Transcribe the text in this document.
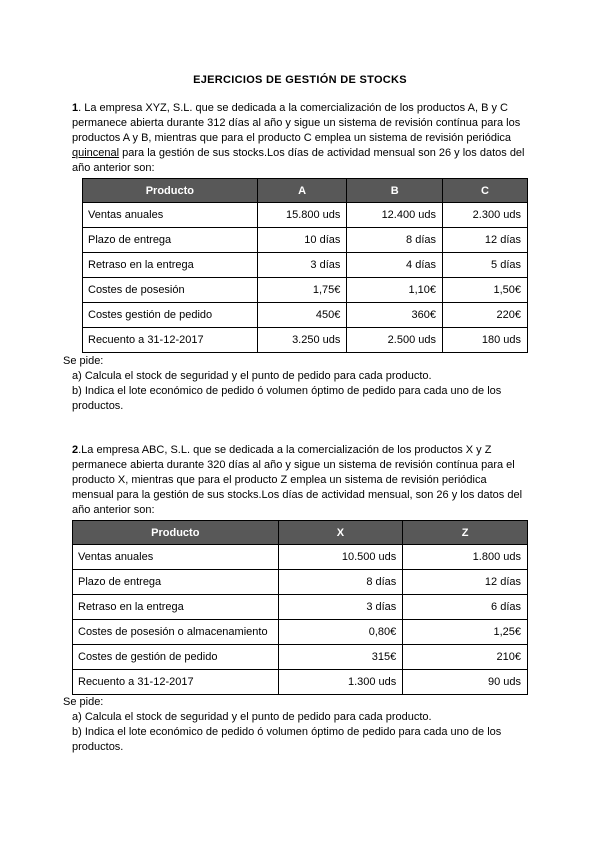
EJERCICIOS DE GESTIÓN DE STOCKS
1. La empresa XYZ, S.L. que se dedicada a la comercialización de los productos A, B y C permanece abierta durante 312 días al año y sigue un sistema de revisión contínua para los productos A y B, mientras que para el producto C emplea un sistema de revisión periódica quincenal para la gestión de sus stocks.Los días de actividad mensual son 26 y los datos del año anterior son:
Producto	A	B	C
Ventas anuales	15.800 uds	12.400 uds	2.300 uds
Plazo de entrega	10 días	8 días	12 días
Retraso en la entrega	3 días	4 días	5 días
Costes de posesión	1,75€	1,10€	1,50€
Costes gestión de pedido	450€	360€	220€
Recuento a 31-12-2017	3.250 uds	2.500 uds	180 uds
Se pide:
a) Calcula el stock de seguridad y el punto de pedido para cada producto.
b) Indica el lote económico de pedido ó volumen óptimo de pedido para cada uno de los productos.
2.La empresa ABC, S.L. que se dedicada a la comercialización de los productos X y Z permanece abierta durante 320 días al año y sigue un sistema de revisión contínua para el producto X, mientras que para el producto Z emplea un sistema de revisión periódica mensual para la gestión de sus stocks.Los días de actividad mensual, son 26 y los datos del año anterior son:
Producto	X	Z
Ventas anuales	10.500 uds	1.800 uds
Plazo de entrega	8 días	12 días
Retraso en la entrega	3 días	6 días
Costes de posesión o almacenamiento	0,80€	1,25€
Costes de gestión de pedido	315€	210€
Recuento a 31-12-2017	1.300 uds	90 uds
Se pide:
a) Calcula el stock de seguridad y el punto de pedido para cada producto.
b) Indica el lote económico de pedido ó volumen óptimo de pedido para cada uno de los productos.
